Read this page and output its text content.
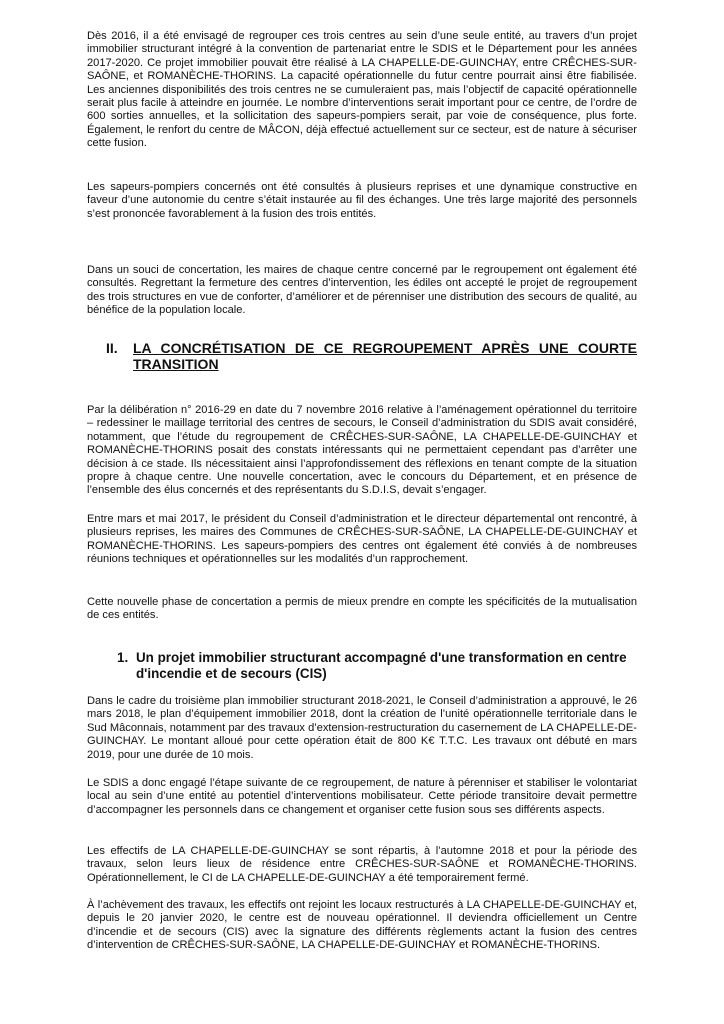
Dès 2016, il a été envisagé de regrouper ces trois centres au sein d’une seule entité, au travers d’un projet immobilier structurant intégré à la convention de partenariat entre le SDIS et le Département pour les années 2017-2020. Ce projet immobilier pouvait être réalisé à LA CHAPELLE-DE-GUINCHAY, entre CRÊCHES-SUR-SAÔNE, et ROMANÈCHE-THORINS. La capacité opérationnelle du futur centre pourrait ainsi être fiabilisée. Les anciennes disponibilités des trois centres ne se cumuleraient pas, mais l’objectif de capacité opérationnelle serait plus facile à atteindre en journée. Le nombre d’interventions serait important pour ce centre, de l’ordre de 600 sorties annuelles, et la sollicitation des sapeurs-pompiers serait, par voie de conséquence, plus forte. Également, le renfort du centre de MÂCON, déjà effectué actuellement sur ce secteur, est de nature à sécuriser cette fusion.

Les sapeurs-pompiers concernés ont été consultés à plusieurs reprises et une dynamique constructive en faveur d’une autonomie du centre s’était instaurée au fil des échanges. Une très large majorité des personnels s’est prononcée favorablement à la fusion des trois entités.

Dans un souci de concertation, les maires de chaque centre concerné par le regroupement ont également été consultés. Regrettant la fermeture des centres d’intervention, les édiles ont accepté le projet de regroupement des trois structures en vue de conforter, d’améliorer et de pérenniser une distribution des secours de qualité, au bénéfice de la population locale.

II. LA CONCRÉTISATION DE CE REGROUPEMENT APRÈS UNE COURTE TRANSITION

Par la délibération n° 2016-29 en date du 7 novembre 2016 relative à l’aménagement opérationnel du territoire – redessiner le maillage territorial des centres de secours, le Conseil d’administration du SDIS avait considéré, notamment, que l’étude du regroupement de CRÊCHES-SUR-SAÔNE, LA CHAPELLE-DE-GUINCHAY et ROMANÈCHE-THORINS posait des constats intéressants qui ne permettaient cependant pas d’arrêter une décision à ce stade. Ils nécessitaient ainsi l’approfondissement des réflexions en tenant compte de la situation propre à chaque centre. Une nouvelle concertation, avec le concours du Département, et en présence de l’ensemble des élus concernés et des représentants du S.D.I.S, devait s’engager.

Entre mars et mai 2017, le président du Conseil d’administration et le directeur départemental ont rencontré, à plusieurs reprises, les maires des Communes de CRÊCHES-SUR-SAÔNE, LA CHAPELLE-DE-GUINCHAY et ROMANÈCHE-THORINS. Les sapeurs-pompiers des centres ont également été conviés à de nombreuses réunions techniques et opérationnelles sur les modalités d’un rapprochement.

Cette nouvelle phase de concertation a permis de mieux prendre en compte les spécificités de la mutualisation de ces entités.

1. Un projet immobilier structurant accompagné d'une transformation en centre d'incendie et de secours (CIS)

Dans le cadre du troisième plan immobilier structurant 2018-2021, le Conseil d’administration a approuvé, le 26 mars 2018, le plan d’équipement immobilier 2018, dont la création de l’unité opérationnelle territoriale dans le Sud Mâconnais, notamment par des travaux d’extension-restructuration du casernement de LA CHAPELLE-DE-GUINCHAY. Le montant alloué pour cette opération était de 800 K€ T.T.C. Les travaux ont débuté en mars 2019, pour une durée de 10 mois.

Le SDIS a donc engagé l’étape suivante de ce regroupement, de nature à pérenniser et stabiliser le volontariat local au sein d’une entité au potentiel d’interventions mobilisateur. Cette période transitoire devait permettre d’accompagner les personnels dans ce changement et organiser cette fusion sous ses différents aspects.

Les effectifs de LA CHAPELLE-DE-GUINCHAY se sont répartis, à l’automne 2018 et pour la période des travaux, selon leurs lieux de résidence entre CRÊCHES-SUR-SAÔNE et ROMANÈCHE-THORINS. Opérationnellement, le CI de LA CHAPELLE-DE-GUINCHAY a été temporairement fermé.

À l’achèvement des travaux, les effectifs ont rejoint les locaux restructurés à LA CHAPELLE-DE-GUINCHAY et, depuis le 20 janvier 2020, le centre est de nouveau opérationnel. Il deviendra officiellement un Centre d’incendie et de secours (CIS) avec la signature des différents règlements actant la fusion des centres d’intervention de CRÊCHES-SUR-SAÔNE, LA CHAPELLE-DE-GUINCHAY et ROMANÈCHE-THORINS.
